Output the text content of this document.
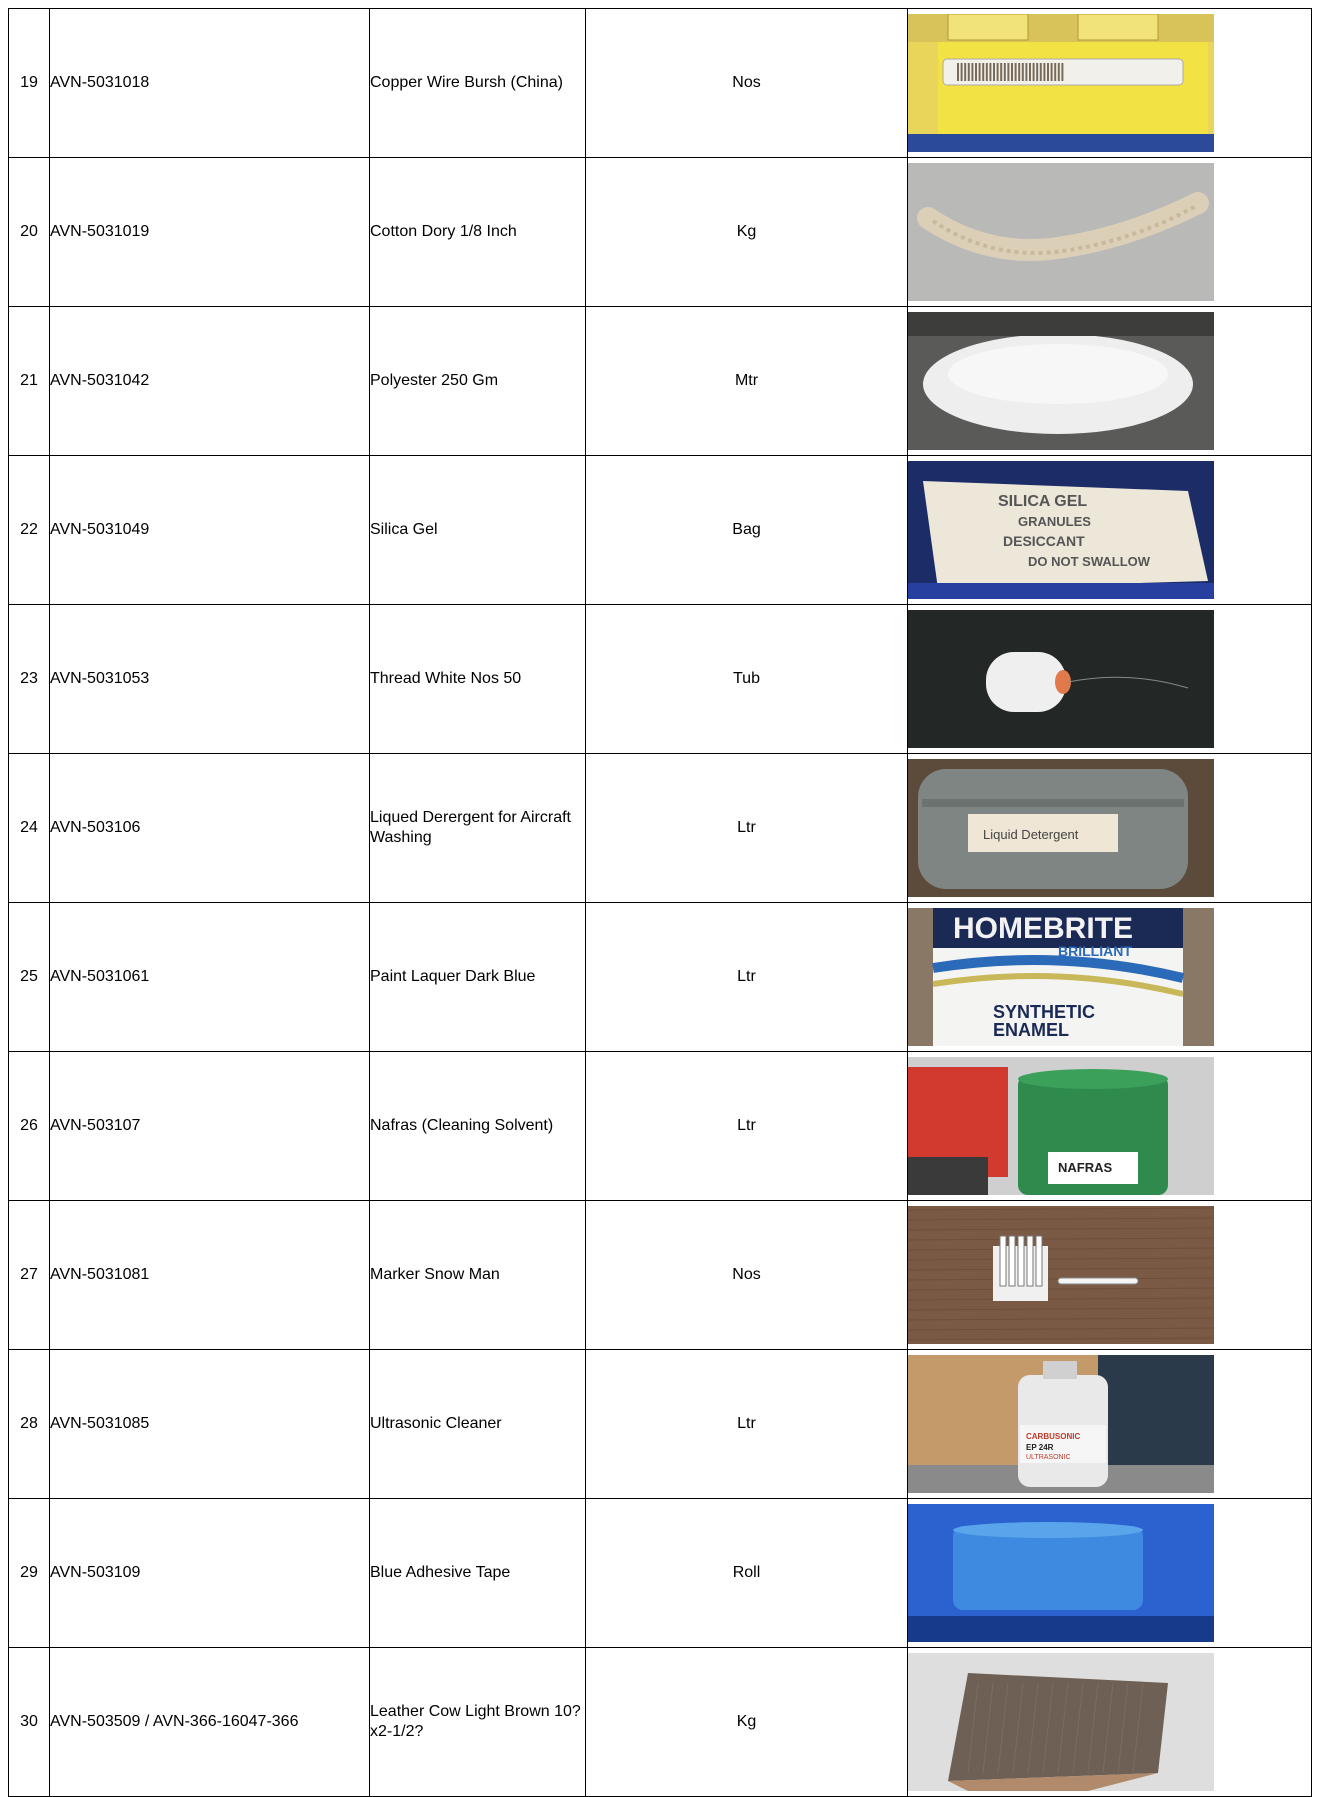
19	AVN-5031018	Copper Wire Bursh (China)	Nos	

20	AVN-5031019	Cotton Dory 1/8 Inch	Kg	

21	AVN-5031042	Polyester 250 Gm	Mtr	

22	AVN-5031049	Silica Gel	Bag	SILICA GEL
GRANULES
DESICCANT
DO NOT SWALLOW

23	AVN-5031053	Thread White Nos 50	Tub	

24	AVN-503106	Liqued Derergent for Aircraft Washing	Ltr	Liquid Detergent

25	AVN-5031061	Paint Laquer Dark Blue	Ltr	HOMEBRITE
BRILLIANT
SYNTHETIC
ENAMEL

26	AVN-503107	Nafras (Cleaning Solvent)	Ltr	NAFRAS

27	AVN-5031081	Marker Snow Man	Nos	

28	AVN-5031085	Ultrasonic Cleaner	Ltr	CARBUSONIC
EP 24R
ULTRASONIC

29	AVN-503109	Blue Adhesive Tape	Roll	

30	AVN-503509 / AVN-366-16047-366	Leather Cow Light Brown 10?x2-1/2?	Kg	
